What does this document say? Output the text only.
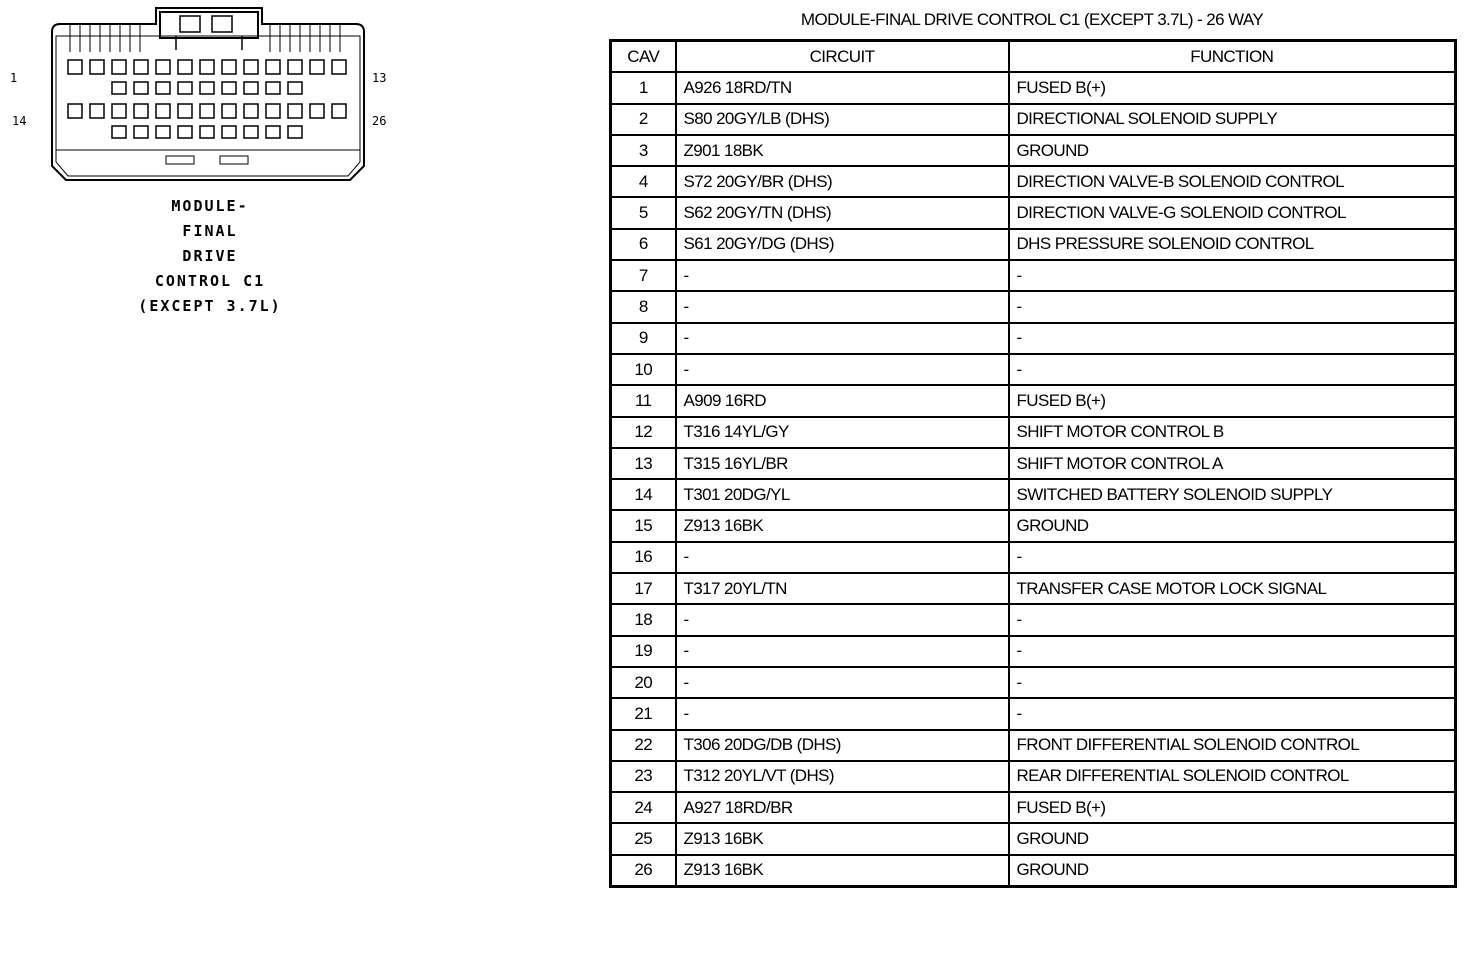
1	13
14	26
MODULE-
FINAL
DRIVE
CONTROL C1
(EXCEPT 3.7L)
MODULE-FINAL DRIVE CONTROL C1 (EXCEPT 3.7L) - 26 WAY
CAV	CIRCUIT	FUNCTION
1	A926 18RD/TN	FUSED B(+)
2	S80 20GY/LB (DHS)	DIRECTIONAL SOLENOID SUPPLY
3	Z901 18BK	GROUND
4	S72 20GY/BR (DHS)	DIRECTION VALVE-B SOLENOID CONTROL
5	S62 20GY/TN (DHS)	DIRECTION VALVE-G SOLENOID CONTROL
6	S61 20GY/DG (DHS)	DHS PRESSURE SOLENOID CONTROL
7	-	-
8	-	-
9	-	-
10	-	-
11	A909 16RD	FUSED B(+)
12	T316 14YL/GY	SHIFT MOTOR CONTROL B
13	T315 16YL/BR	SHIFT MOTOR CONTROL A
14	T301 20DG/YL	SWITCHED BATTERY SOLENOID SUPPLY
15	Z913 16BK	GROUND
16	-	-
17	T317 20YL/TN	TRANSFER CASE MOTOR LOCK SIGNAL
18	-	-
19	-	-
20	-	-
21	-	-
22	T306 20DG/DB (DHS)	FRONT DIFFERENTIAL SOLENOID CONTROL
23	T312 20YL/VT (DHS)	REAR DIFFERENTIAL SOLENOID CONTROL
24	A927 18RD/BR	FUSED B(+)
25	Z913 16BK	GROUND
26	Z913 16BK	GROUND
